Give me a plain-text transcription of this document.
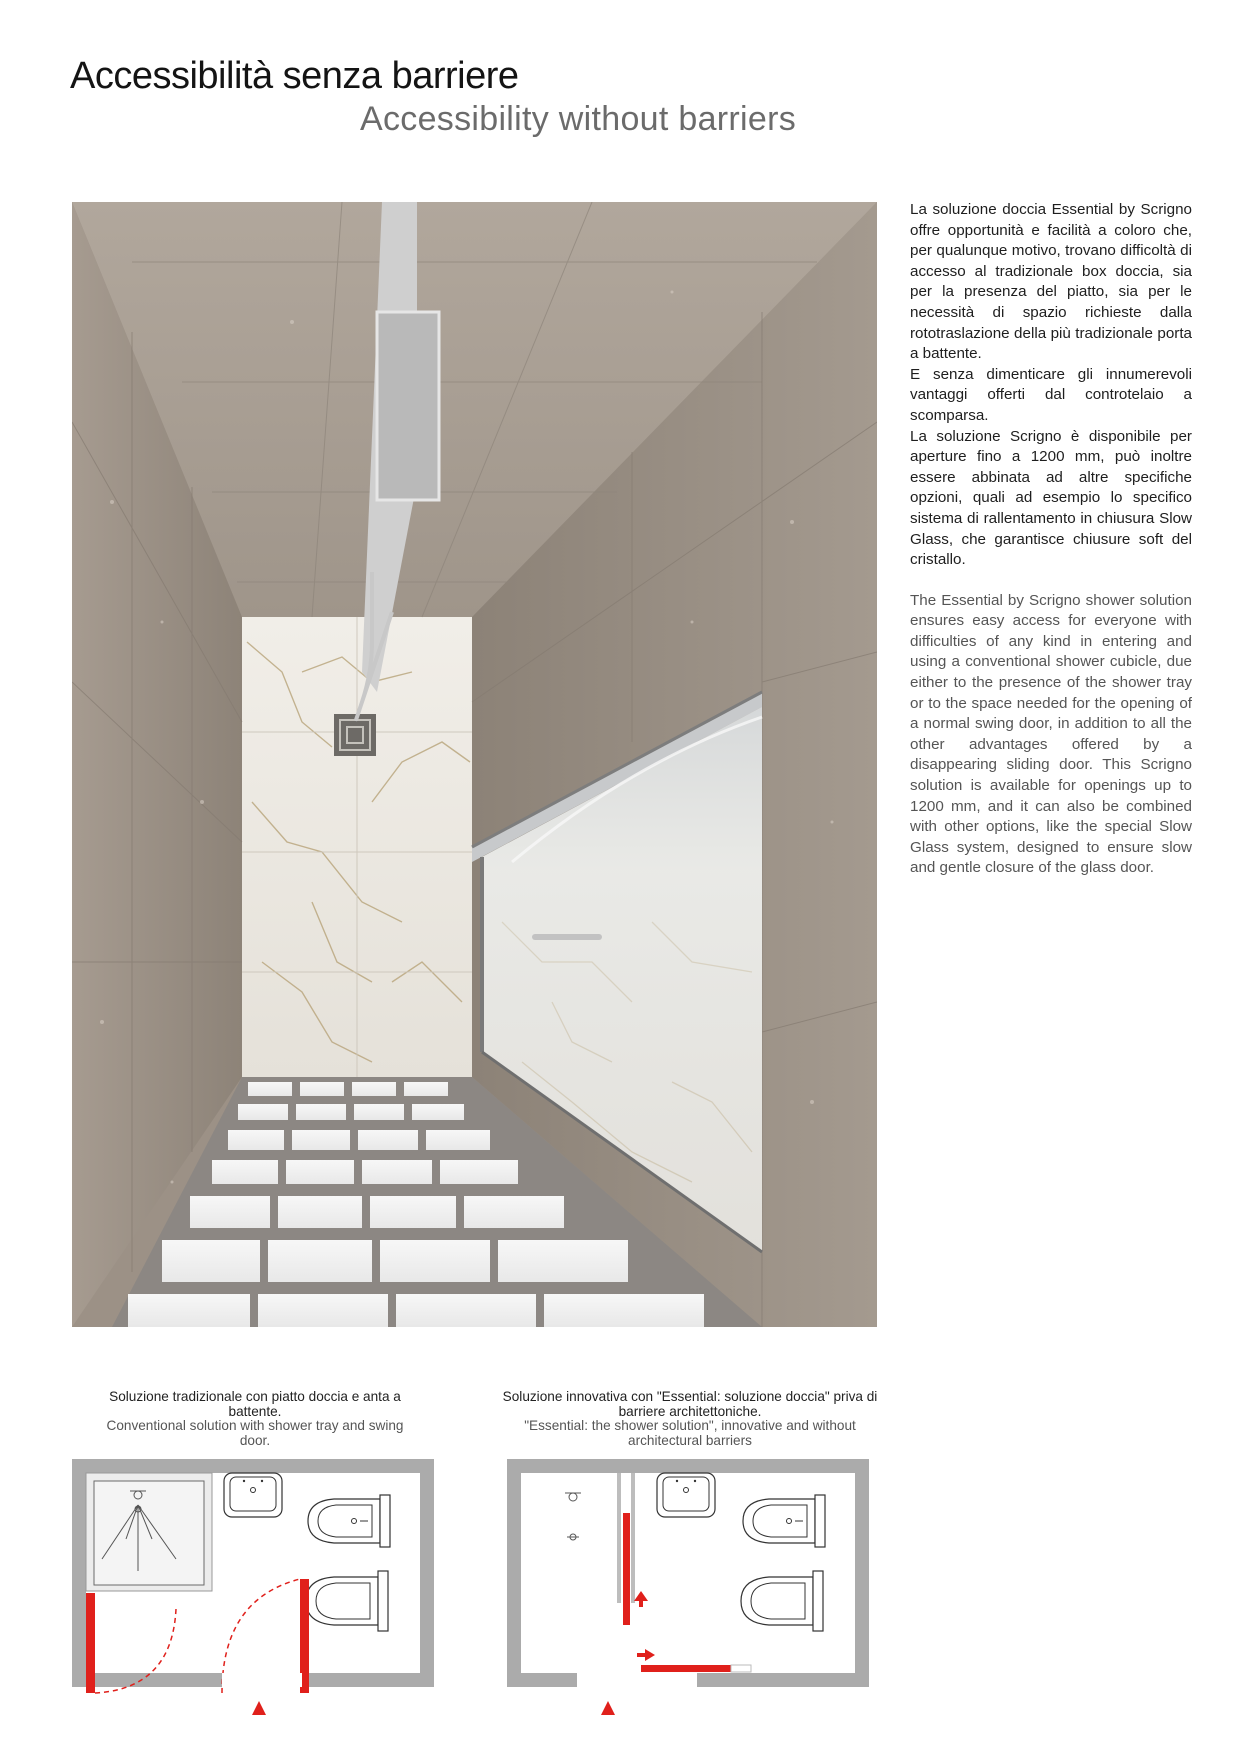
Accessibilità senza barriere
Accessibility without barriers

La soluzione doccia Essential by Scrigno offre opportunità e facilità a coloro che, per qualunque motivo, trovano difficoltà di accesso al tradizionale box doccia, sia per la presenza del piatto, sia per le necessità di spazio richieste dalla rototraslazione della più tradizionale porta a battente.

E senza dimenticare gli innumerevoli vantaggi offerti dal controtelaio a scomparsa.

La soluzione Scrigno è disponibile per aperture fino a 1200 mm, può inoltre essere abbinata ad altre specifiche opzioni, quali ad esempio lo specifico sistema di rallentamento in chiusura Slow Glass, che garantisce chiusure soft del cristallo.

The Essential by Scrigno shower solution ensures easy access for everyone with difficulties of any kind in entering and using a conventional shower cubicle, due either to the presence of the shower tray or to the space needed for the opening of a normal swing door, in addition to all the other advantages offered by a disappearing sliding door. This Scrigno solution is available for openings up to 1200 mm, and it can also be combined with other options, like the special Slow Glass system, designed to ensure slow and gentle closure of the glass door.

Soluzione tradizionale con piatto doccia e anta a battente.
Conventional solution with shower tray and swing door.
Soluzione innovativa con "Essential: soluzione doccia" priva di barriere architettoniche.
"Essential: the shower solution", innovative and without architectural barriers
